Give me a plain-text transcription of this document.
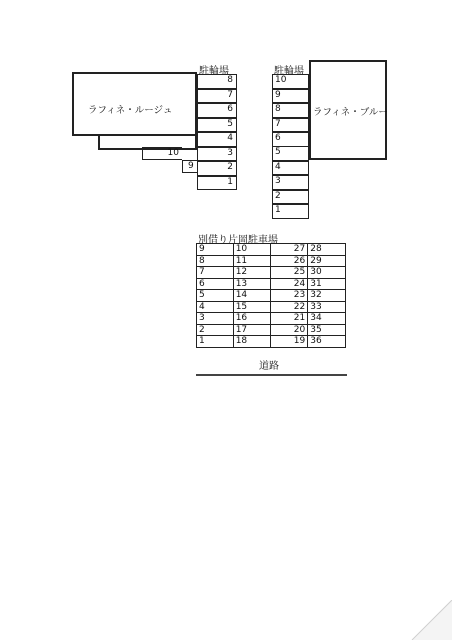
ラフィネ・ルージュ
駐輪場
8
7
6
5
4
3
2
1
10
9
ラフィネ・ブルー
駐輪場
10
9
8
7
6
5
4
3
2
1
別借り片岡駐車場
9	10	27	28
8	11	26	29
7	12	25	30
6	13	24	31
5	14	23	32
4	15	22	33
3	16	21	34
2	17	20	35
1	18	19	36
道路
